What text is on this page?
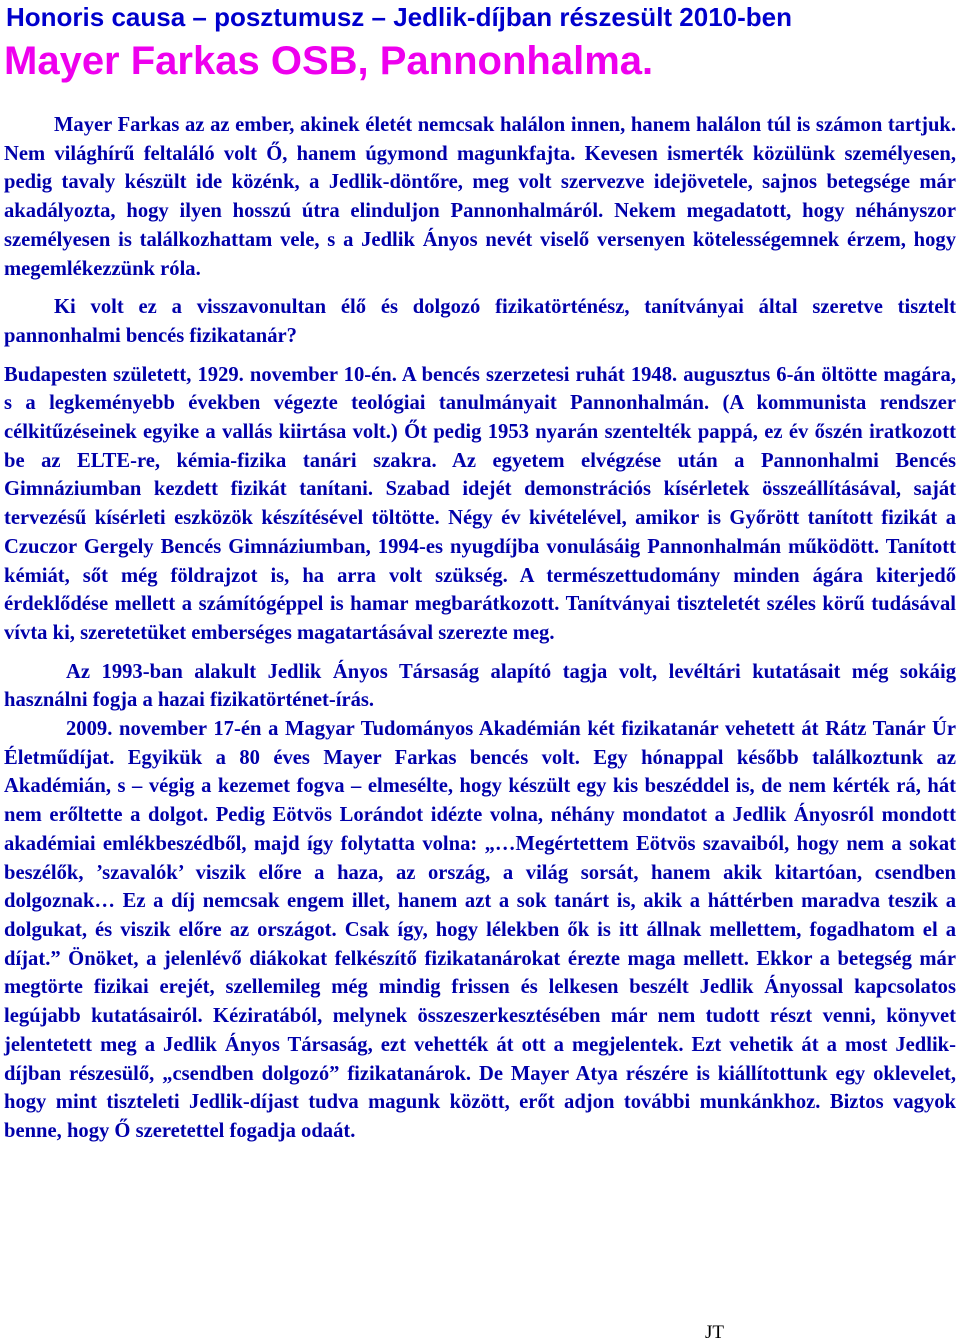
Honoris causa – posztumusz – Jedlik-díjban részesült 2010-ben
Mayer Farkas OSB, Pannonhalma.

Mayer Farkas az az ember, akinek életét nemcsak halálon innen, hanem halálon túl is számon tartjuk. Nem világhírű feltaláló volt Ő, hanem úgymond magunkfajta. Kevesen ismerték közülünk személyesen, pedig tavaly készült ide közénk, a Jedlik-döntőre, meg volt szervezve idejövetele, sajnos betegsége már akadályozta, hogy ilyen hosszú útra elinduljon Pannonhalmáról. Nekem megadatott, hogy néhányszor személyesen is találkozhattam vele, s a Jedlik Ányos nevét viselő versenyen kötelességemnek érzem, hogy megemlékezzünk róla.

Ki volt ez a visszavonultan élő és dolgozó fizikatörténész, tanítványai által szeretve tisztelt pannonhalmi bencés fizikatanár?

Budapesten született, 1929. november 10-én. A bencés szerzetesi ruhát 1948. augusztus 6-án öltötte magára, s a legkeményebb években végezte teológiai tanulmányait Pannonhalmán. (A kommunista rendszer célkitűzéseinek egyike a vallás kiirtása volt.) Őt pedig 1953 nyarán szentelték pappá, ez év őszén iratkozott be az ELTE-re, kémia-fizika tanári szakra. Az egyetem elvégzése után a Pannonhalmi Bencés Gimnáziumban kezdett fizikát tanítani. Szabad idejét demonstrációs kísérletek összeállításával, saját tervezésű kísérleti eszközök készítésével töltötte. Négy év kivételével, amikor is Győrött tanított fizikát a Czuczor Gergely Bencés Gimnáziumban, 1994-es nyugdíjba vonulásáig Pannonhalmán működött. Tanított kémiát, sőt még földrajzot is, ha arra volt szükség. A természettudomány minden ágára kiterjedő érdeklődése mellett a számítógéppel is hamar megbarátkozott. Tanítványai tiszteletét széles körű tudásával vívta ki, szeretetüket emberséges magatartásával szerezte meg.

Az 1993-ban alakult Jedlik Ányos Társaság alapító tagja volt, levéltári kutatásait még sokáig használni fogja a hazai fizikatörténet-írás.

2009. november 17-én a Magyar Tudományos Akadémián két fizikatanár vehetett át Rátz Tanár Úr Életműdíjat. Egyikük a 80 éves Mayer Farkas bencés volt. Egy hónappal később találkoztunk az Akadémián, s – végig a kezemet fogva – elmesélte, hogy készült egy kis beszéddel is, de nem kérték rá, hát nem erőltette a dolgot. Pedig Eötvös Lorándot idézte volna, néhány mondatot a Jedlik Ányosról mondott akadémiai emlékbeszédből, majd így folytatta volna: „…Megértettem Eötvös szavaiból, hogy nem a sokat beszélők, ’szavalók’ viszik előre a haza, az ország, a világ sorsát, hanem akik kitartóan, csendben dolgoznak… Ez a díj nemcsak engem illet, hanem azt a sok tanárt is, akik a háttérben maradva teszik a dolgukat, és viszik előre az országot. Csak így, hogy lélekben ők is itt állnak mellettem, fogadhatom el a díjat.” Önöket, a jelenlévő diákokat felkészítő fizikatanárokat érezte maga mellett. Ekkor a betegség már megtörte fizikai erejét, szellemileg még mindig frissen és lelkesen beszélt Jedlik Ányossal kapcsolatos legújabb kutatásairól. Kéziratából, melynek összeszerkesztésében már nem tudott részt venni, könyvet jelentetett meg a Jedlik Ányos Társaság, ezt vehették át ott a megjelentek. Ezt vehetik át a most Jedlik-díjban részesülő, „csendben dolgozó” fizikatanárok. De Mayer Atya részére is kiállítottunk egy oklevelet, hogy mint tiszteleti Jedlik-díjast tudva magunk között, erőt adjon további munkánkhoz. Biztos vagyok benne, hogy Ő szeretettel fogadja odaát.

JT
